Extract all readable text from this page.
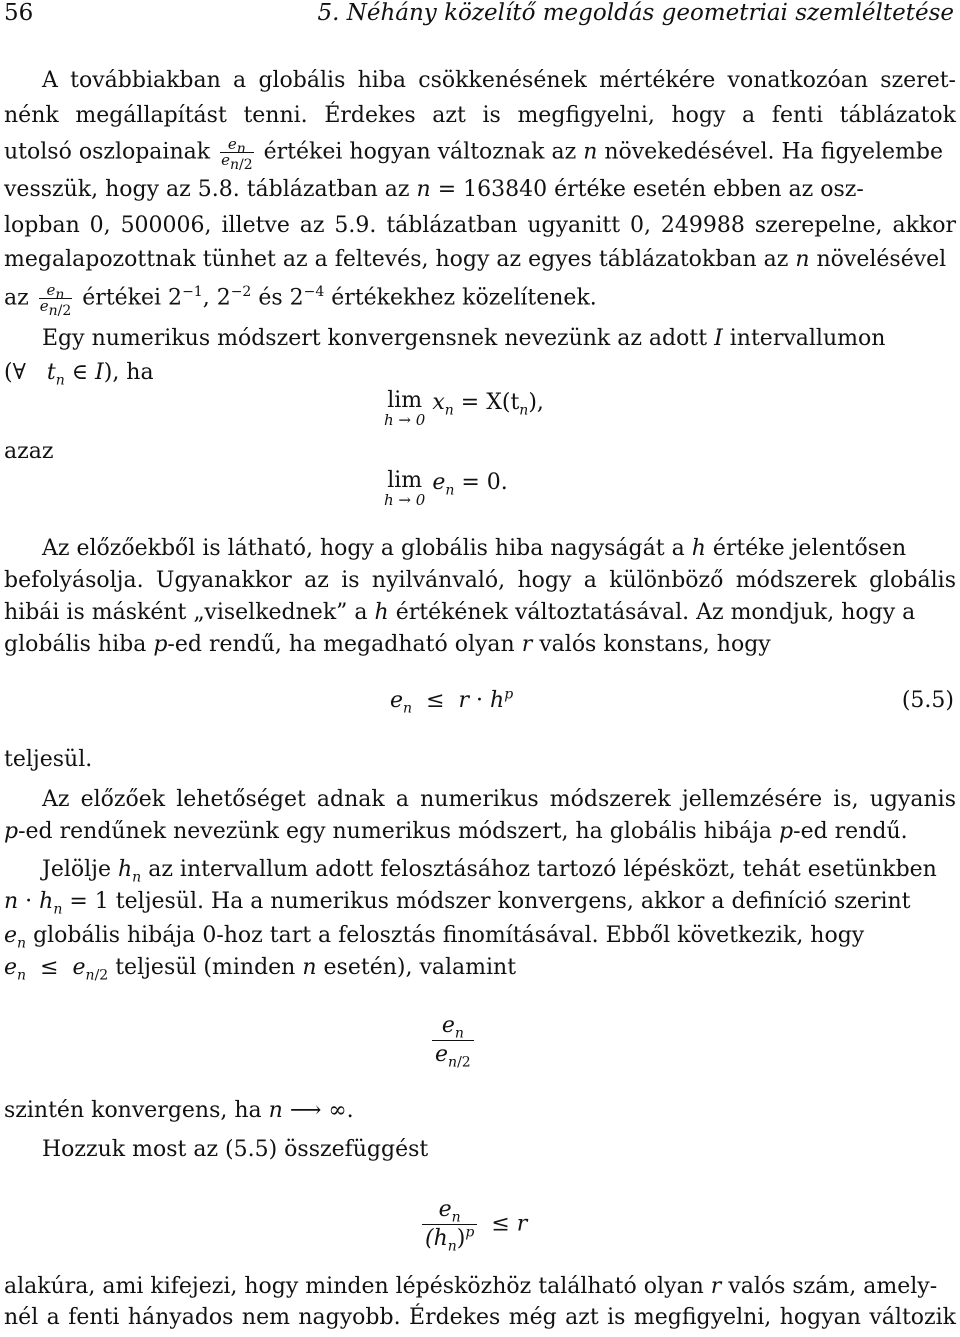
56	5. Néhány közelítő megoldás geometriai szemléltetése
A továbbiakban a globális hiba csökkenésének mértékére vonatkozóan szeret-
nénk megállapítást tenni. Érdekes azt is megfigyelni, hogy a fenti táblázatok
utolsó oszlopainak $\frac{e_n}{e_{n/2}}$ értékei hogyan változnak az n növekedésével. Ha figyelembe
vesszük, hogy az 5.8. táblázatban az n = 163840 értéke esetén ebben az osz-
lopban 0, 500006, illetve az 5.9. táblázatban ugyanitt 0, 249988 szerepelne, akkor
megalapozottnak tünhet az a feltevés, hogy az egyes táblázatokban az n növelésével
az $\frac{e_n}{e_{n/2}}$ értékei $2^{-1}$, $2^{-2}$ és $2^{-4}$ értékekhez közelítenek.
Egy numerikus módszert konvergensnek nevezünk az adott I intervallumon
(∀ $t_n$ ∈ I), ha
lim
h → 0
$x_n = X(t_n)$,
azaz
lim
h → 0
$e_n = 0$.
Az előzőekből is látható, hogy a globális hiba nagyságát a h értéke jelentősen
befolyásolja. Ugyanakkor az is nyilvánvaló, hogy a különböző módszerek globális
hibái is másként „viselkednek” a h értékének változtatásával. Az mondjuk, hogy a
globális hiba p-ed rendű, ha megadható olyan r valós konstans, hogy
$e_n \le r \cdot h^p$	(5.5)
teljesül.
Az előzőek lehetőséget adnak a numerikus módszerek jellemzésére is, ugyanis
p-ed rendűnek nevezünk egy numerikus módszert, ha globális hibája p-ed rendű.
Jelölje $h_n$ az intervallum adott felosztásához tartozó lépésközt, tehát esetünkben
$n \cdot h_n = 1$ teljesül. Ha a numerikus módszer konvergens, akkor a definíció szerint
$e_n$ globális hibája 0-hoz tart a felosztás finomításával. Ebből következik, hogy
$e_n \le e_{n/2}$ teljesül (minden n esetén), valamint
$\frac{e_n}{e_{n/2}}$
szintén konvergens, ha n ⟶ ∞.
Hozzuk most az (5.5) összefüggést
$\frac{e_n}{(h_n)^p} \le r$
alakúra, ami kifejezi, hogy minden lépésközhöz található olyan r valós szám, amely-
nél a fenti hányados nem nagyobb. Érdekes még azt is megfigyelni, hogyan változik
